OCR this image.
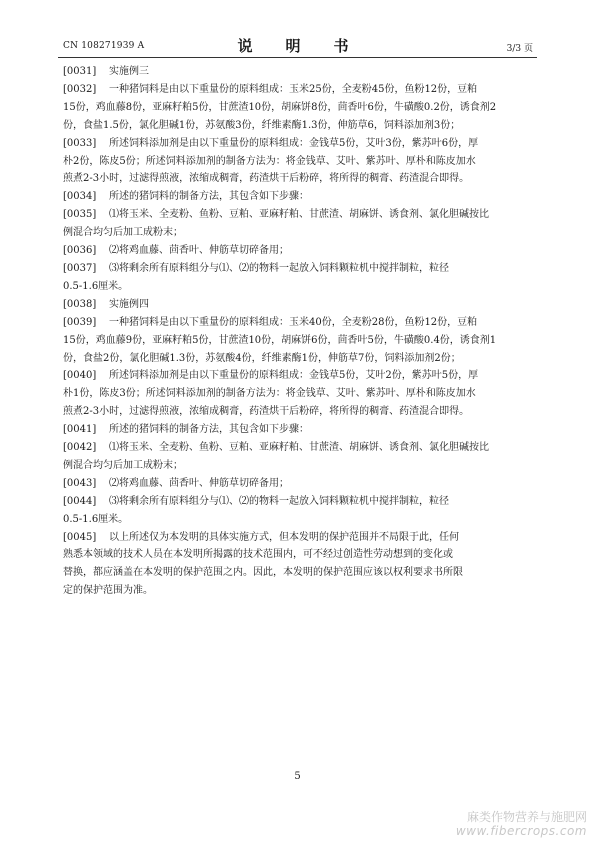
CN 108271939 A	说　明　书	3/3 页
[0031] 实施例三
[0032] 一种猪饲料是由以下重量份的原料组成：玉米25份，全麦粉45份，鱼粉12份，豆粕
15份，鸡血藤8份，亚麻籽粕5份，甘蔗渣10份，胡麻饼8份，茴香叶6份，牛磺酸0.2份，诱食剂2
份，食盐1.5份，氯化胆碱1份，苏氨酸3份，纤维素酶1.3份，伸筋草6，饲料添加剂3份；
[0033] 所述饲料添加剂是由以下重量份的原料组成：金钱草5份，艾叶3份，紫苏叶6份，厚
朴2份，陈皮5份；所述饲料添加剂的制备方法为：将金钱草、艾叶、紫苏叶、厚朴和陈皮加水
煎煮2-3小时，过滤得煎液，浓缩成稠膏，药渣烘干后粉碎，将所得的稠膏、药渣混合即得。
[0034] 所述的猪饲料的制备方法，其包含如下步骤：
[0035] ⑴将玉米、全麦粉、鱼粉、豆粕、亚麻籽粕、甘蔗渣、胡麻饼、诱食剂、氯化胆碱按比
例混合均匀后加工成粉末；
[0036] ⑵将鸡血藤、茴香叶、伸筋草切碎备用；
[0037] ⑶将剩余所有原料组分与⑴、⑵的物料一起放入饲料颗粒机中搅拌制粒，粒径
0.5-1.6厘米。
[0038] 实施例四
[0039] 一种猪饲料是由以下重量份的原料组成：玉米40份，全麦粉28份，鱼粉12份，豆粕
15份，鸡血藤9份，亚麻籽粕5份，甘蔗渣10份，胡麻饼6份，茴香叶5份，牛磺酸0.4份，诱食剂1
份，食盐2份，氯化胆碱1.3份，苏氨酸4份，纤维素酶1份，伸筋草7份，饲料添加剂2份；
[0040] 所述饲料添加剂是由以下重量份的原料组成：金钱草5份，艾叶2份，紫苏叶5份，厚
朴1份，陈皮3份；所述饲料添加剂的制备方法为：将金钱草、艾叶、紫苏叶、厚朴和陈皮加水
煎煮2-3小时，过滤得煎液，浓缩成稠膏，药渣烘干后粉碎，将所得的稠膏、药渣混合即得。
[0041] 所述的猪饲料的制备方法，其包含如下步骤：
[0042] ⑴将玉米、全麦粉、鱼粉、豆粕、亚麻籽粕、甘蔗渣、胡麻饼、诱食剂、氯化胆碱按比
例混合均匀后加工成粉末；
[0043] ⑵将鸡血藤、茴香叶、伸筋草切碎备用；
[0044] ⑶将剩余所有原料组分与⑴、⑵的物料一起放入饲料颗粒机中搅拌制粒，粒径
0.5-1.6厘米。
[0045] 以上所述仅为本发明的具体实施方式，但本发明的保护范围并不局限于此，任何
熟悉本领域的技术人员在本发明所揭露的技术范围内，可不经过创造性劳动想到的变化或
替换，都应涵盖在本发明的保护范围之内。因此，本发明的保护范围应该以权利要求书所限
定的保护范围为准。
5
麻类作物营养与施肥网
www.fibercrops.com
